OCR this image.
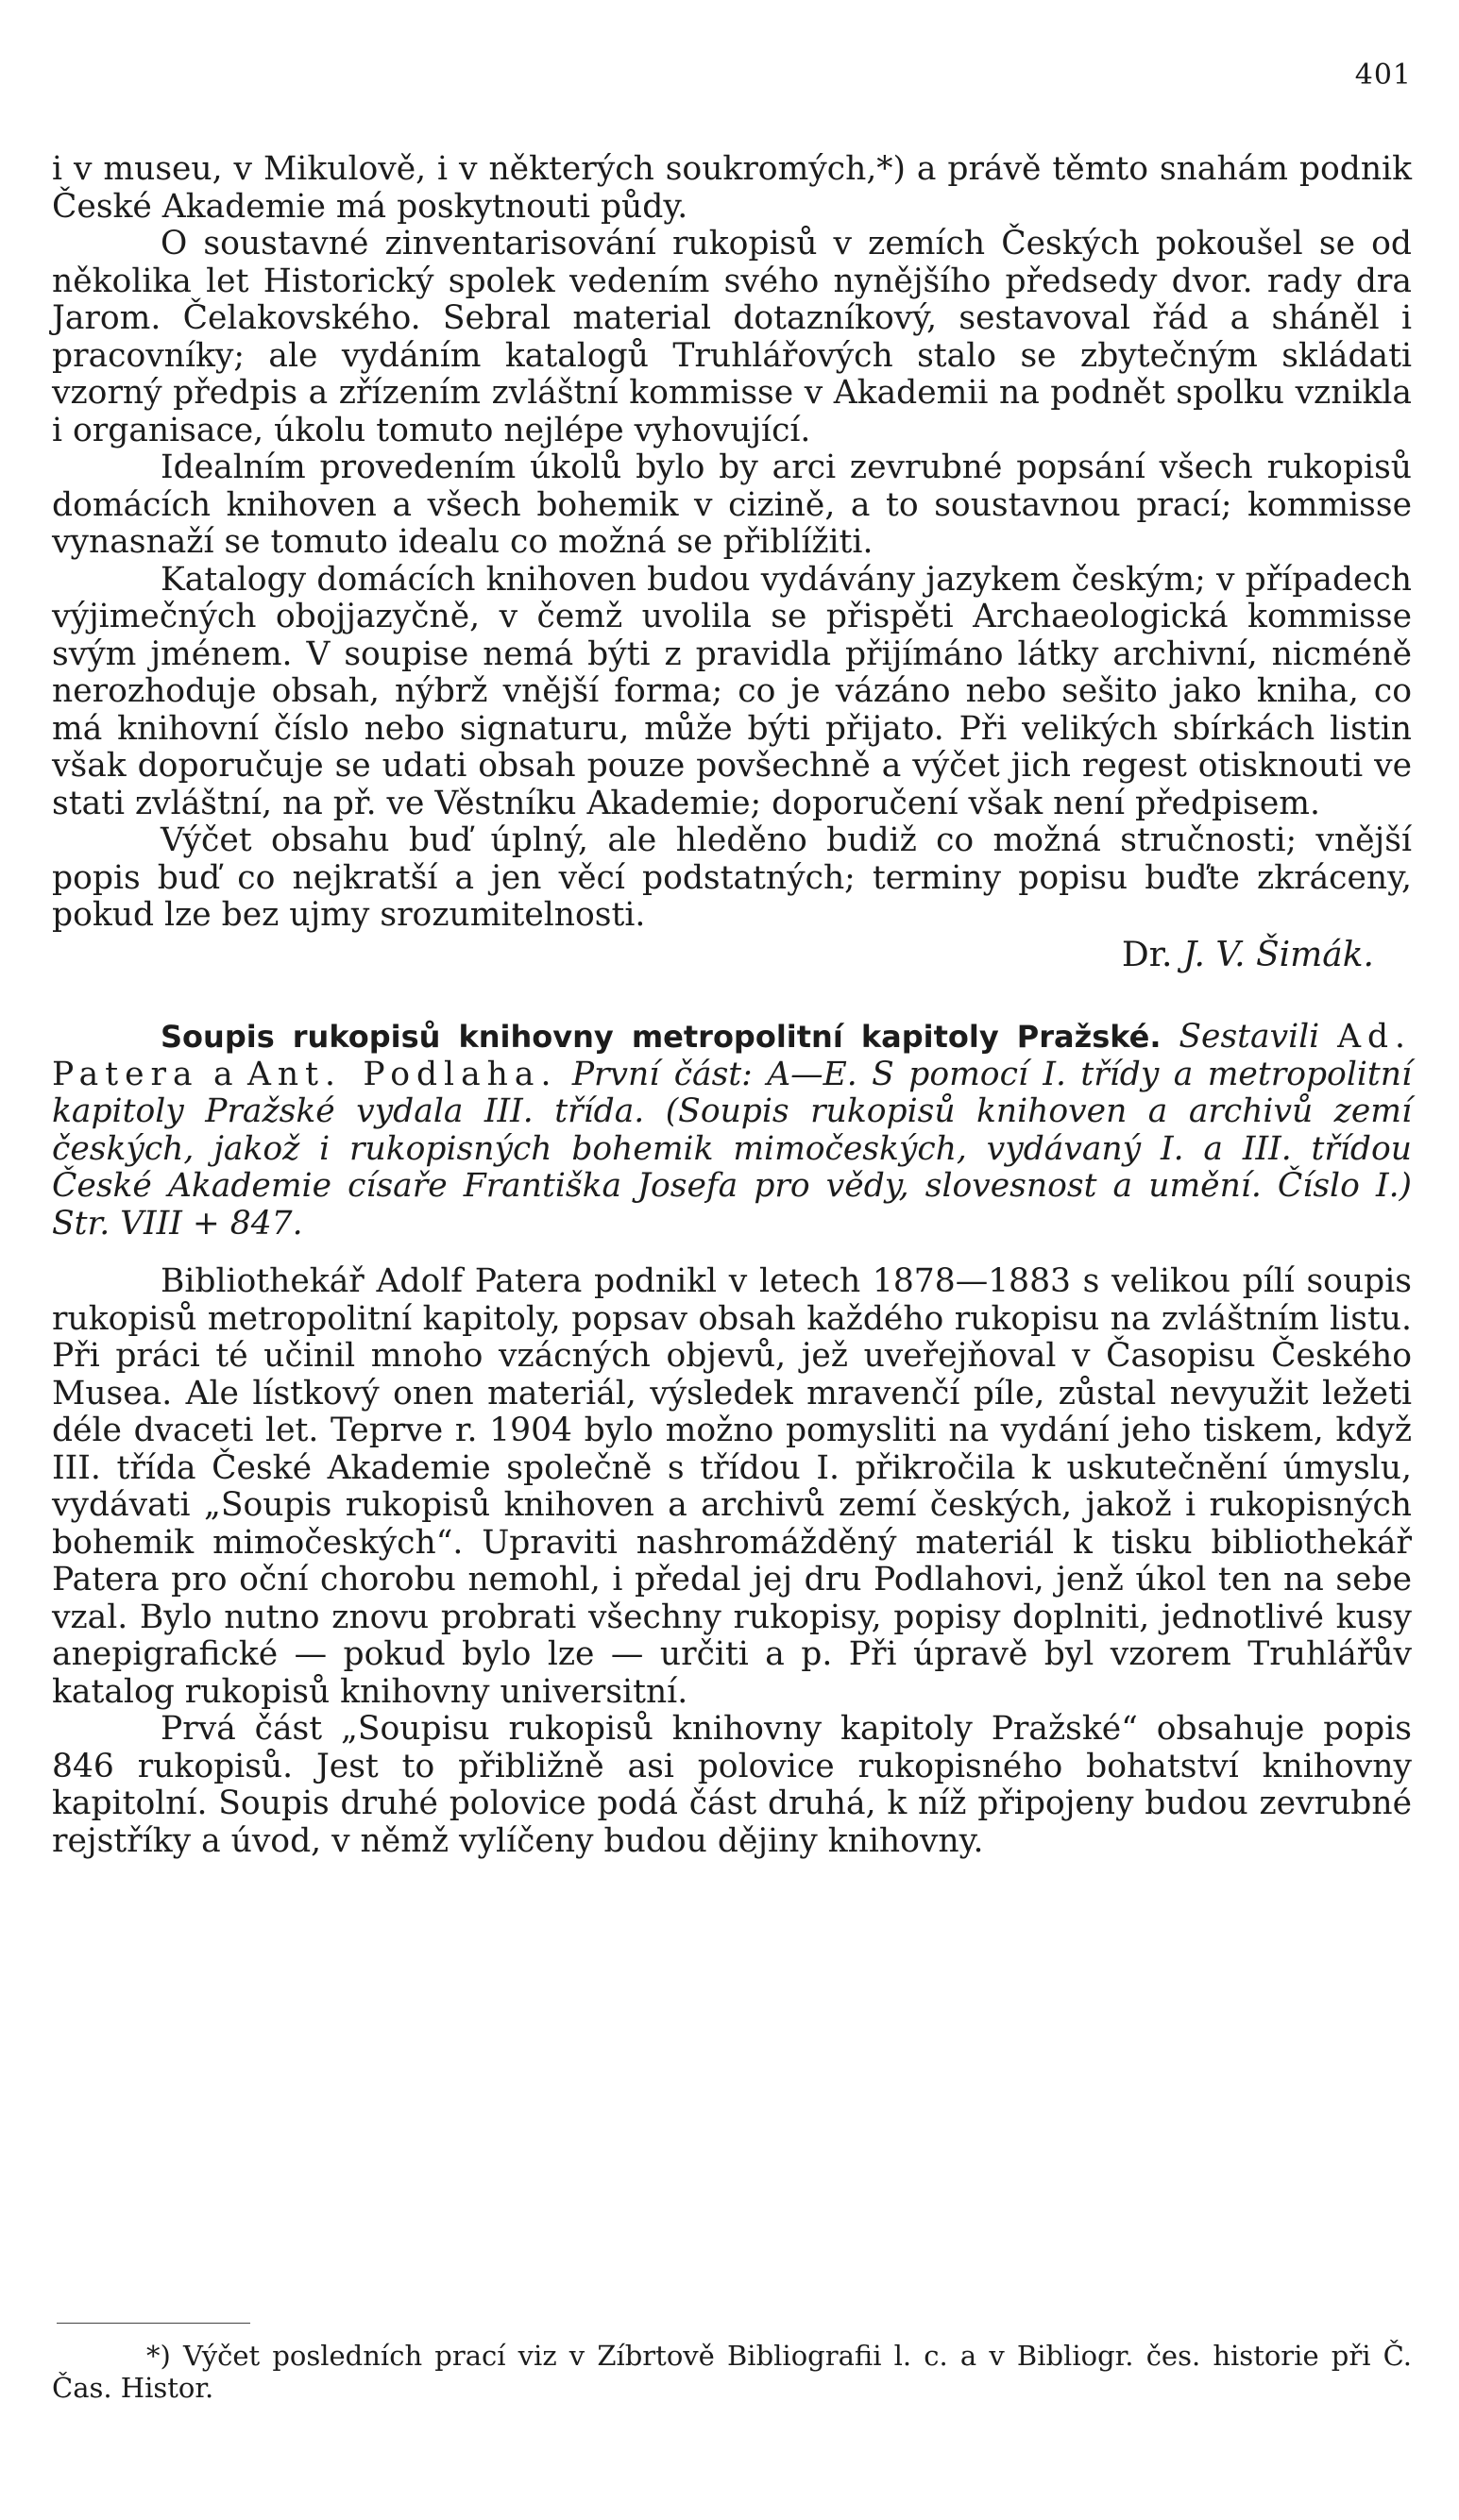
401

i v museu, v Mikulově, i v některých soukromých,*) a právě těmto snahám podnik České Akademie má poskytnouti půdy.

O soustavné zinventarisování rukopisů v zemích Českých pokoušel se od několika let Historický spolek vedením svého nynějšího předsedy dvor. rady dra Jarom. Čelakovského. Sebral material dotazníkový, sestavoval řád a sháněl i pracovníky; ale vydáním katalogů Truhlářových stalo se zbytečným skládati vzorný předpis a zřízením zvláštní kommisse v Akademii na podnět spolku vznikla i organisace, úkolu tomuto nejlépe vyhovující.

Idealním provedením úkolů bylo by arci zevrubné popsání všech rukopisů domácích knihoven a všech bohemik v cizině, a to soustavnou prací; kommisse vynasnaží se tomuto idealu co možná se přiblížiti.

Katalogy domácích knihoven budou vydávány jazykem českým; v případech výjimečných obojjazyčně, v čemž uvolila se přispěti Archaeologická kommisse svým jménem. V soupise nemá býti z pravidla přijímáno látky archivní, nicméně nerozhoduje obsah, nýbrž vnější forma; co je vázáno nebo sešito jako kniha, co má knihovní číslo nebo signaturu, může býti přijato. Při velikých sbírkách listin však doporučuje se udati obsah pouze povšechně a výčet jich regest otisknouti ve stati zvláštní, na př. ve Věstníku Akademie; doporučení však není předpisem.

Výčet obsahu buď úplný, ale hleděno budiž co možná stručnosti; vnější popis buď co nejkratší a jen věcí podstatných; terminy popisu buďte zkráceny, pokud lze bez ujmy srozumitelnosti.

Dr. J. V. Šimák.

Soupis rukopisů knihovny metropolitní kapitoly Pražské. Sestavili Ad. Patera a Ant. Podlaha. První část: A—E. S pomocí I. třídy a metropolitní kapitoly Pražské vydala III. třída. (Soupis rukopisů knihoven a archivů zemí českých, jakož i rukopisných bohemik mimočeských, vydávaný I. a III. třídou České Akademie císaře Františka Josefa pro vědy, slovesnost a umění. Číslo I.) Str. VIII + 847.

Bibliothekář Adolf Patera podnikl v letech 1878—1883 s velikou pílí soupis rukopisů metropolitní kapitoly, popsav obsah každého rukopisu na zvláštním listu. Při práci té učinil mnoho vzácných objevů, jež uveřejňoval v Časopisu Českého Musea. Ale lístkový onen materiál, výsledek mravenčí píle, zůstal nevyužit ležeti déle dvaceti let. Teprve r. 1904 bylo možno pomysliti na vydání jeho tiskem, když III. třída České Akademie společně s třídou I. přikročila k uskutečnění úmyslu, vydávati „Soupis rukopisů knihoven a archivů zemí českých, jakož i rukopisných bohemik mimočeských“. Upraviti nashromážděný materiál k tisku bibliothekář Patera pro oční chorobu nemohl, i předal jej dru Podlahovi, jenž úkol ten na sebe vzal. Bylo nutno znovu probrati všechny rukopisy, popisy doplniti, jednotlivé kusy anepigrafické — pokud bylo lze — určiti a p. Při úpravě byl vzorem Truhlářův katalog rukopisů knihovny universitní.

Prvá část „Soupisu rukopisů knihovny kapitoly Pražské“ obsahuje popis 846 rukopisů. Jest to přibližně asi polovice rukopisného bohatství knihovny kapitolní. Soupis druhé polovice podá část druhá, k níž připojeny budou zevrubné rejstříky a úvod, v němž vylíčeny budou dějiny knihovny.

*) Výčet posledních prací viz v Zíbrtově Bibliografii l. c. a v Bibliogr. čes. historie při Č. Čas. Histor.
